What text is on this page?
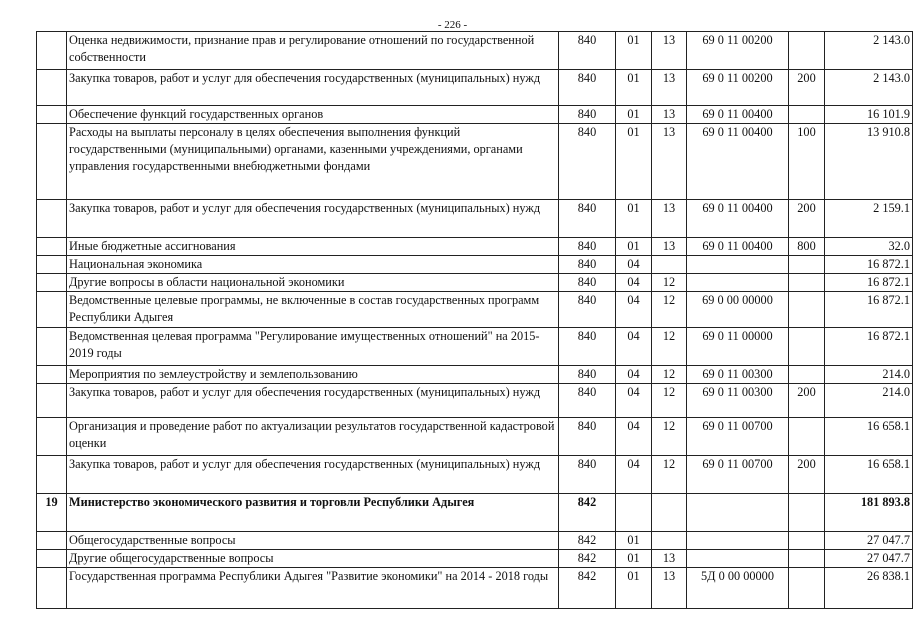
- 226 -
	Оценка недвижимости, признание прав и регулирование отношений по государственной собственности	840	01	13	69 0 11 00200		2 143.0
	Закупка товаров, работ и услуг для обеспечения государственных (муниципальных) нужд	840	01	13	69 0 11 00200	200	2 143.0
	Обеспечение функций государственных органов	840	01	13	69 0 11 00400		16 101.9
	Расходы на выплаты персоналу в целях обеспечения выполнения функций государственными (муниципальными) органами, казенными учреждениями, органами управления государственными внебюджетными фондами	840	01	13	69 0 11 00400	100	13 910.8
	Закупка товаров, работ и услуг для обеспечения государственных (муниципальных) нужд	840	01	13	69 0 11 00400	200	2 159.1
	Иные бюджетные ассигнования	840	01	13	69 0 11 00400	800	32.0
	Национальная экономика	840	04				16 872.1
	Другие вопросы в области национальной экономики	840	04	12			16 872.1
	Ведомственные целевые программы, не включенные в состав государственных программ Республики Адыгея	840	04	12	69 0 00 00000		16 872.1
	Ведомственная целевая программа "Регулирование имущественных отношений" на 2015-2019 годы	840	04	12	69 0 11 00000		16 872.1
	Мероприятия по землеустройству и землепользованию	840	04	12	69 0 11 00300		214.0
	Закупка товаров, работ и услуг для обеспечения государственных (муниципальных) нужд	840	04	12	69 0 11 00300	200	214.0
	Организация и проведение работ по актуализации результатов государственной кадастровой оценки	840	04	12	69 0 11 00700		16 658.1
	Закупка товаров, работ и услуг для обеспечения государственных (муниципальных) нужд	840	04	12	69 0 11 00700	200	16 658.1
19	Министерство экономического развития и торговли Республики Адыгея	842					181 893.8
	Общегосударственные вопросы	842	01				27 047.7
	Другие общегосударственные вопросы	842	01	13			27 047.7
	Государственная программа Республики Адыгея "Развитие экономики" на 2014 - 2018 годы	842	01	13	5Д 0 00 00000		26 838.1
